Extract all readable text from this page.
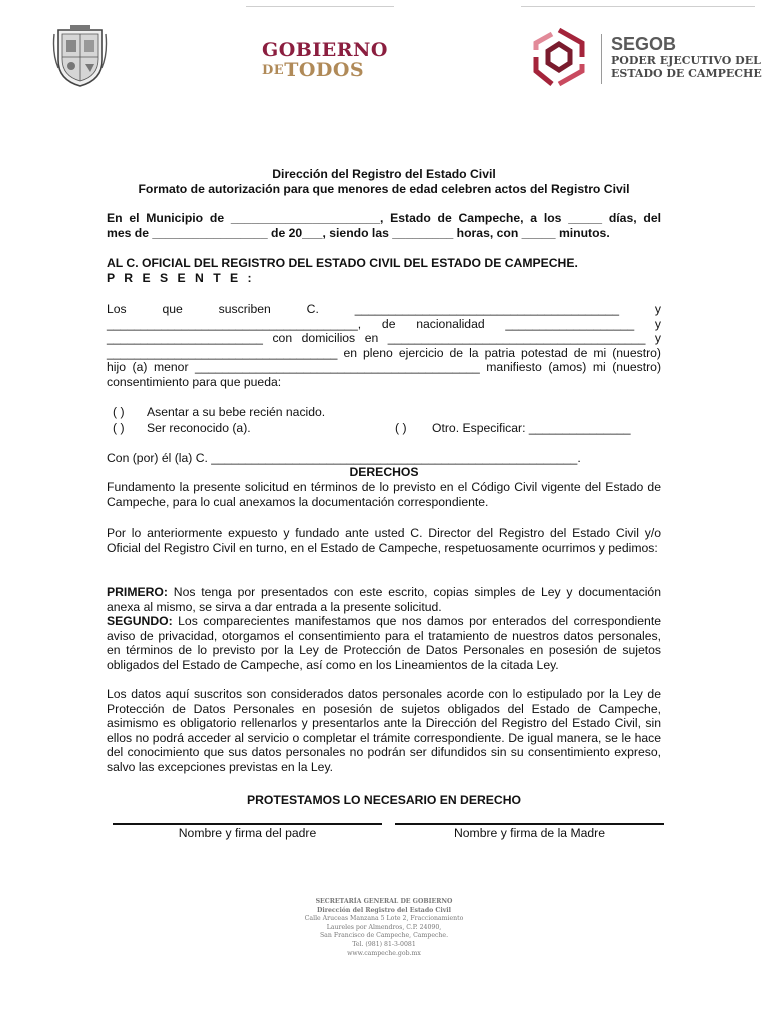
GOBIERNO
DETODOS
SEGOB
PODER EJECUTIVO DEL
ESTADO DE CAMPECHE
Dirección del Registro del Estado Civil
Formato de autorización para que menores de edad celebren actos del Registro Civil
En el Municipio de ______________________, Estado de Campeche, a los _____ días, del
mes de _________________ de 20___, siendo las _________ horas, con _____ minutos.
AL C. OFICIAL DEL REGISTRO DEL ESTADO CIVIL DEL ESTADO DE CAMPECHE.
P R E S E N T E :
Los que suscriben C. _______________________________________ y
_____________________________________, de nacionalidad ___________________ y
_______________________ con domicilios en ______________________________________ y
__________________________________ en pleno ejercicio de la patria potestad de mi (nuestro)
hijo (a) menor __________________________________________ manifiesto (amos) mi (nuestro)
consentimiento para que pueda:
( ) Asentar a su bebe recién nacido.
( ) Ser reconocido (a).	( ) Otro. Especificar: _______________
Con (por) él (la) C. ______________________________________________________.
DERECHOS
Fundamento la presente solicitud en términos de lo previsto en el Código Civil vigente del Estado de Campeche, para lo cual anexamos la documentación correspondiente.
Por lo anteriormente expuesto y fundado ante usted C. Director del Registro del Estado Civil y/o Oficial del Registro Civil en turno, en el Estado de Campeche, respetuosamente ocurrimos y pedimos:
PRIMERO: Nos tenga por presentados con este escrito, copias simples de Ley y documentación anexa al mismo, se sirva a dar entrada a la presente solicitud.
SEGUNDO: Los comparecientes manifestamos que nos damos por enterados del correspondiente aviso de privacidad, otorgamos el consentimiento para el tratamiento de nuestros datos personales, en términos de lo previsto por la Ley de Protección de Datos Personales en posesión de sujetos obligados del Estado de Campeche, así como en los Lineamientos de la citada Ley.
Los datos aquí suscritos son considerados datos personales acorde con lo estipulado por la Ley de Protección de Datos Personales en posesión de sujetos obligados del Estado de Campeche, asimismo es obligatorio rellenarlos y presentarlos ante la Dirección del Registro del Estado Civil, sin ellos no podrá acceder al servicio o completar el trámite correspondiente. De igual manera, se le hace del conocimiento que sus datos personales no podrán ser difundidos sin su consentimiento expreso, salvo las excepciones previstas en la Ley.
PROTESTAMOS LO NECESARIO EN DERECHO
Nombre y firma del padre	Nombre y firma de la Madre
SECRETARÍA GENERAL DE GOBIERNO
Dirección del Registro del Estado Civil
Calle Aruceas Manzana 5 Lote 2, Fraccionamiento
Laureles por Almendros, C.P. 24090,
San Francisco de Campeche, Campeche.
Tel. (981) 81-3-0081
www.campeche.gob.mx
